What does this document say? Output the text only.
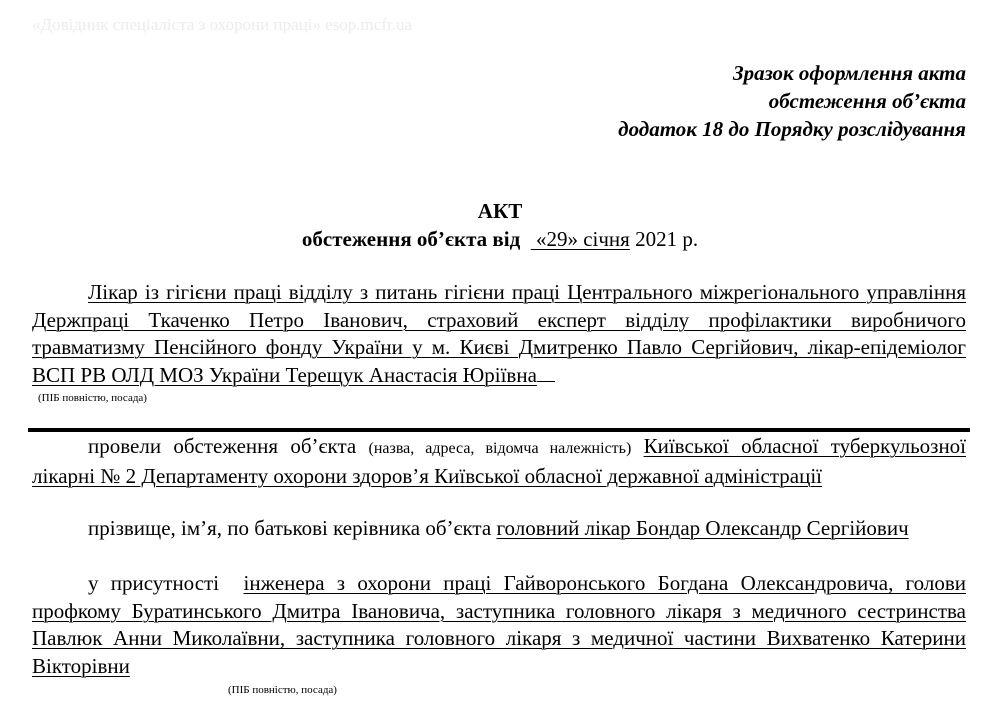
«Довідник спеціаліста з охорони праці» esop.mcfr.ua
Зразок оформлення акта
обстеження об’єкта
додаток 18 до Порядку розслідування
АКТ
обстеження об’єкта від «29» січня 2021 р.
Лікар із гігієни праці відділу з питань гігієни праці Центрального міжрегіонального управління Держпраці Ткаченко Петро Іванович, страховий експерт відділу профілактики виробничого травматизму Пенсійного фонду України у м. Києві Дмитренко Павло Сергійович, лікар-епідеміолог ВСП РВ ОЛД МОЗ України Терещук Анастасія Юріївна
(ПІБ повністю, посада)
провели обстеження об’єкта (назва, адреса, відомча належність) Київської обласної туберкульозної лікарні № 2 Департаменту охорони здоров’я Київської обласної державної адміністрації
прізвище, ім’я, по батькові керівника об’єкта головний лікар Бондар Олександр Сергійович
у присутності інженера з охорони праці Гайворонського Богдана Олександровича, голови профкому Буратинського Дмитра Івановича, заступника головного лікаря з медичного сестринства Павлюк Анни Миколаївни, заступника головного лікаря з медичної частини Вихватенко Катерини Вікторівни
(ПІБ повністю, посада)
